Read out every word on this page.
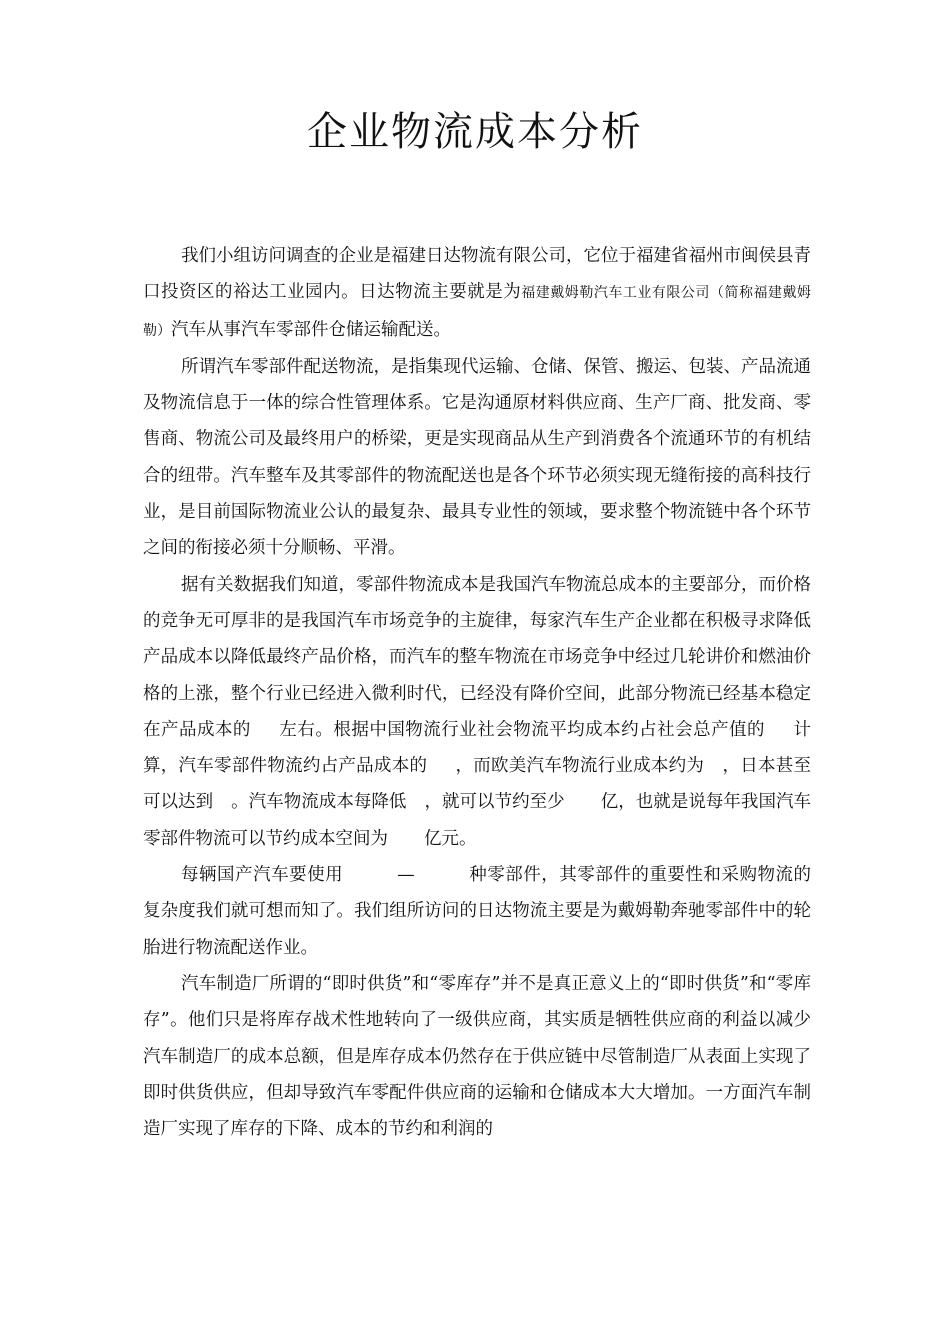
企业物流成本分析

我们小组访问调查的企业是福建日达物流有限公司，它位于福建省福州市闽侯县青口投资区的裕达工业园内。日达物流主要就是为福建戴姆勒汽车工业有限公司（简称福建戴姆勒）汽车从事汽车零部件仓储运输配送。

所谓汽车零部件配送物流，是指集现代运输、仓储、保管、搬运、包装、产品流通及物流信息于一体的综合性管理体系。它是沟通原材料供应商、生产厂商、批发商、零售商、物流公司及最终用户的桥梁，更是实现商品从生产到消费各个流通环节的有机结合的纽带。汽车整车及其零部件的物流配送也是各个环节必须实现无缝衔接的高科技行业，是目前国际物流业公认的最复杂、最具专业性的领域，要求整个物流链中各个环节之间的衔接必须十分顺畅、平滑。

据有关数据我们知道，零部件物流成本是我国汽车物流总成本的主要部分，而价格的竞争无可厚非的是我国汽车市场竞争的主旋律，每家汽车生产企业都在积极寻求降低产品成本以降低最终产品价格，而汽车的整车物流在市场竞争中经过几轮讲价和燃油价格的上涨，整个行业已经进入微利时代，已经没有降价空间，此部分物流已经基本稳定在产品成本的 左右。根据中国物流行业社会物流平均成本约占社会总产值的 计算，汽车零部件物流约占产品成本的 ，而欧美汽车物流行业成本约为 ，日本甚至可以达到 。汽车物流成本每降低 ，就可以节约至少 亿，也就是说每年我国汽车零部件物流可以节约成本空间为 亿元。

每辆国产汽车要使用	—	种零部件，其零部件的重要性和采购物流的复杂度我们就可想而知了。我们组所访问的日达物流主要是为戴姆勒奔驰零部件中的轮胎进行物流配送作业。

汽车制造厂所谓的“即时供货”和“零库存”并不是真正意义上的“即时供货”和“零库存”。他们只是将库存战术性地转向了一级供应商，其实质是牺牲供应商的利益以减少汽车制造厂的成本总额，但是库存成本仍然存在于供应链中尽管制造厂从表面上实现了即时供货供应，但却导致汽车零配件供应商的运输和仓储成本大大增加。一方面汽车制造厂实现了库存的下降、成本的节约和利润的
